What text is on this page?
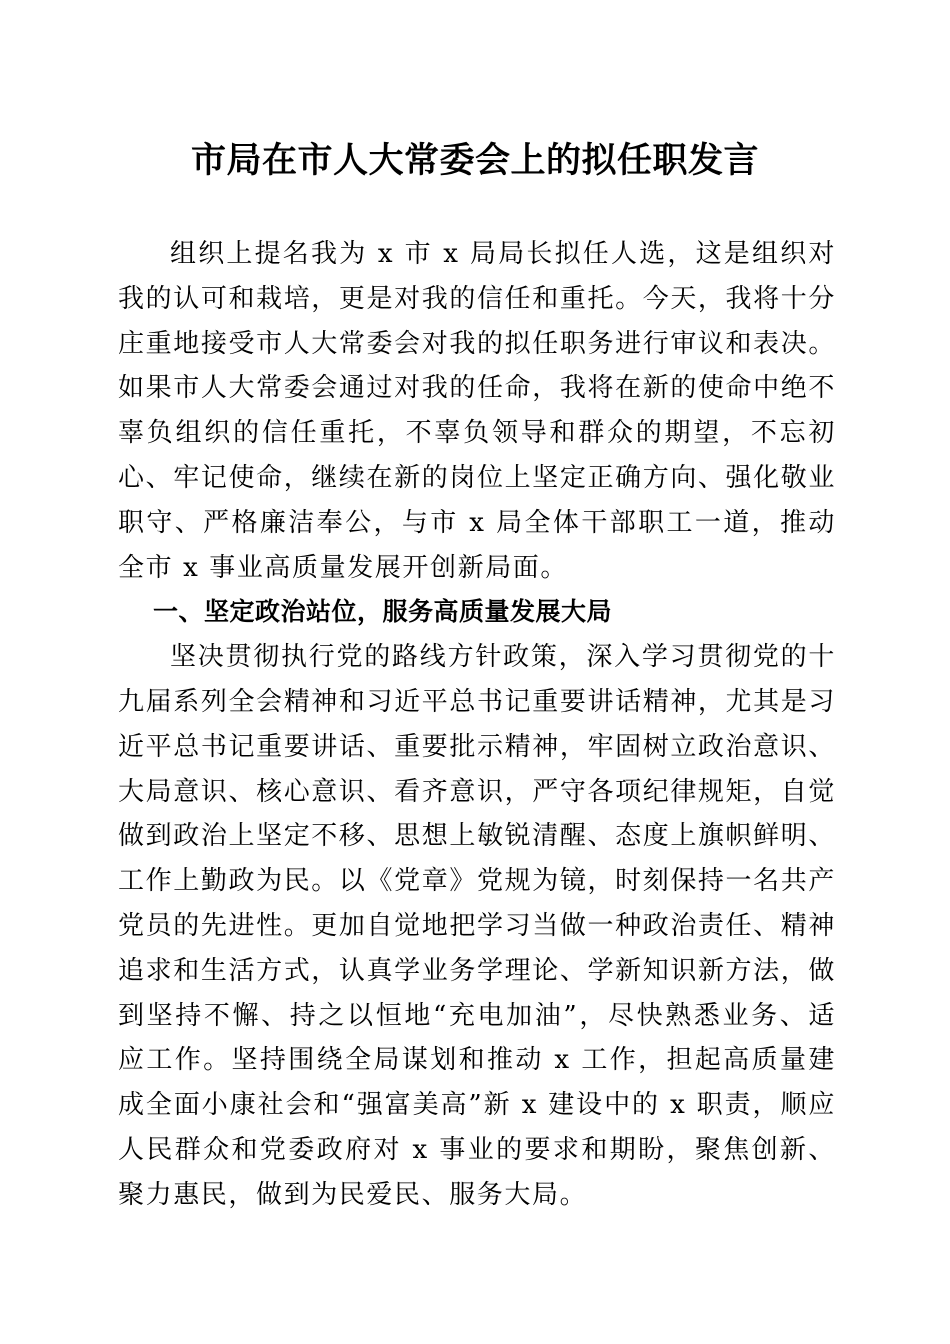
市局在市人大常委会上的拟任职发言

组织上提名我为 x 市 x 局局长拟任人选，这是组织对我的认可和栽培，更是对我的信任和重托。今天，我将十分庄重地接受市人大常委会对我的拟任职务进行审议和表决。如果市人大常委会通过对我的任命，我将在新的使命中绝不辜负组织的信任重托，不辜负领导和群众的期望，不忘初心、牢记使命，继续在新的岗位上坚定正确方向、强化敬业职守、严格廉洁奉公，与市 x 局全体干部职工一道，推动全市 x 事业高质量发展开创新局面。

一、坚定政治站位，服务高质量发展大局

坚决贯彻执行党的路线方针政策，深入学习贯彻党的十九届系列全会精神和习近平总书记重要讲话精神，尤其是习近平总书记重要讲话、重要批示精神，牢固树立政治意识、大局意识、核心意识、看齐意识，严守各项纪律规矩，自觉做到政治上坚定不移、思想上敏锐清醒、态度上旗帜鲜明、工作上勤政为民。以《党章》党规为镜，时刻保持一名共产党员的先进性。更加自觉地把学习当做一种政治责任、精神追求和生活方式，认真学业务学理论、学新知识新方法，做到坚持不懈、持之以恒地“充电加油”，尽快熟悉业务、适应工作。坚持围绕全局谋划和推动 x 工作，担起高质量建成全面小康社会和“强富美高”新 x 建设中的 x 职责，顺应人民群众和党委政府对 x 事业的要求和期盼，聚焦创新、聚力惠民，做到为民爱民、服务大局。
